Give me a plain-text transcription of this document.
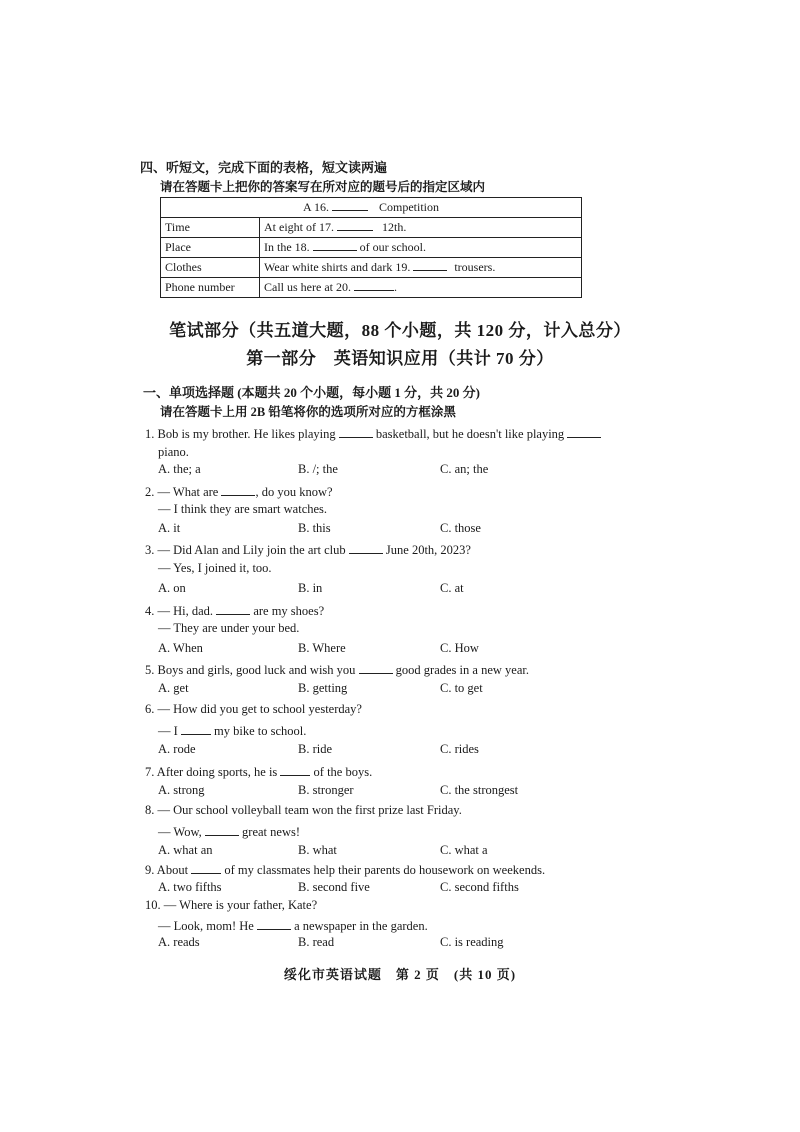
四、听短文，完成下面的表格，短文读两遍
请在答题卡上把你的答案写在所对应的题号后的指定区域内
A 16. Competition	
Time	At eight of 17. 12th.
Place	In the 18. of our school.
Clothes	Wear white shirts and dark 19. trousers.
Phone number	Call us here at 20. .
笔试部分（共五道大题，88 个小题，共 120 分，计入总分）
第一部分　英语知识应用（共计 70 分）
一、单项选择题 (本题共 20 个小题，每小题 1 分，共 20 分)
请在答题卡上用 2B 铅笔将你的选项所对应的方框涂黑
1. Bob is my brother. He likes playing	basketball, but he doesn't like playing
piano.
A. the; a	B. /; the	C. an; the
2. — What are	, do you know?
— I think they are smart watches.
A. it	B. this	C. those
3. — Did Alan and Lily join the art club	June 20th, 2023?
— Yes, I joined it, too.
A. on	B. in	C. at
4. — Hi, dad.	are my shoes?
— They are under your bed.
A. When	B. Where	C. How
5. Boys and girls, good luck and wish you	good grades in a new year.
A. get	B. getting	C. to get
6. — How did you get to school yesterday?
— I	my bike to school.
A. rode	B. ride	C. rides
7. After doing sports, he is	of the boys.
A. strong	B. stronger	C. the strongest
8. — Our school volleyball team won the first prize last Friday.
— Wow,	great news!
A. what an	B. what	C. what a
9. About	of my classmates help their parents do housework on weekends.
A. two fifths	B. second five	C. second fifths
10. — Where is your father, Kate?
— Look, mom! He	a newspaper in the garden.
A. reads	B. read	C. is reading
绥化市英语试题　第 2 页　(共 10 页)
